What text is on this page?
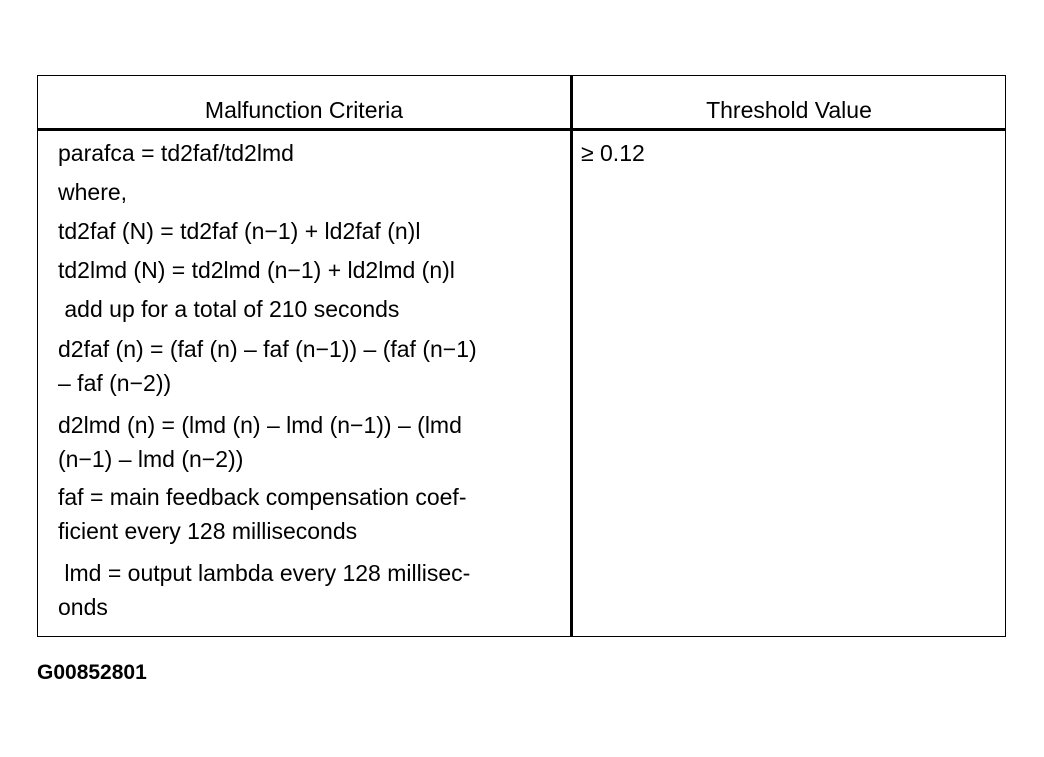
Malfunction Criteria	Threshold Value
parafca = td2faf/td2lmd
where,
td2faf (N) = td2faf (n−1) + ld2faf (n)l
td2lmd (N) = td2lmd (n−1) + ld2lmd (n)l
add up for a total of 210 seconds
d2faf (n) = (faf (n) – faf (n−1)) – (faf (n−1)
– faf (n−2))
d2lmd (n) = (lmd (n) – lmd (n−1)) – (lmd
(n−1) – lmd (n−2))
faf = main feedback compensation coef-
ficient every 128 milliseconds
lmd = output lambda every 128 millisec-
onds
≥ 0.12
G00852801
